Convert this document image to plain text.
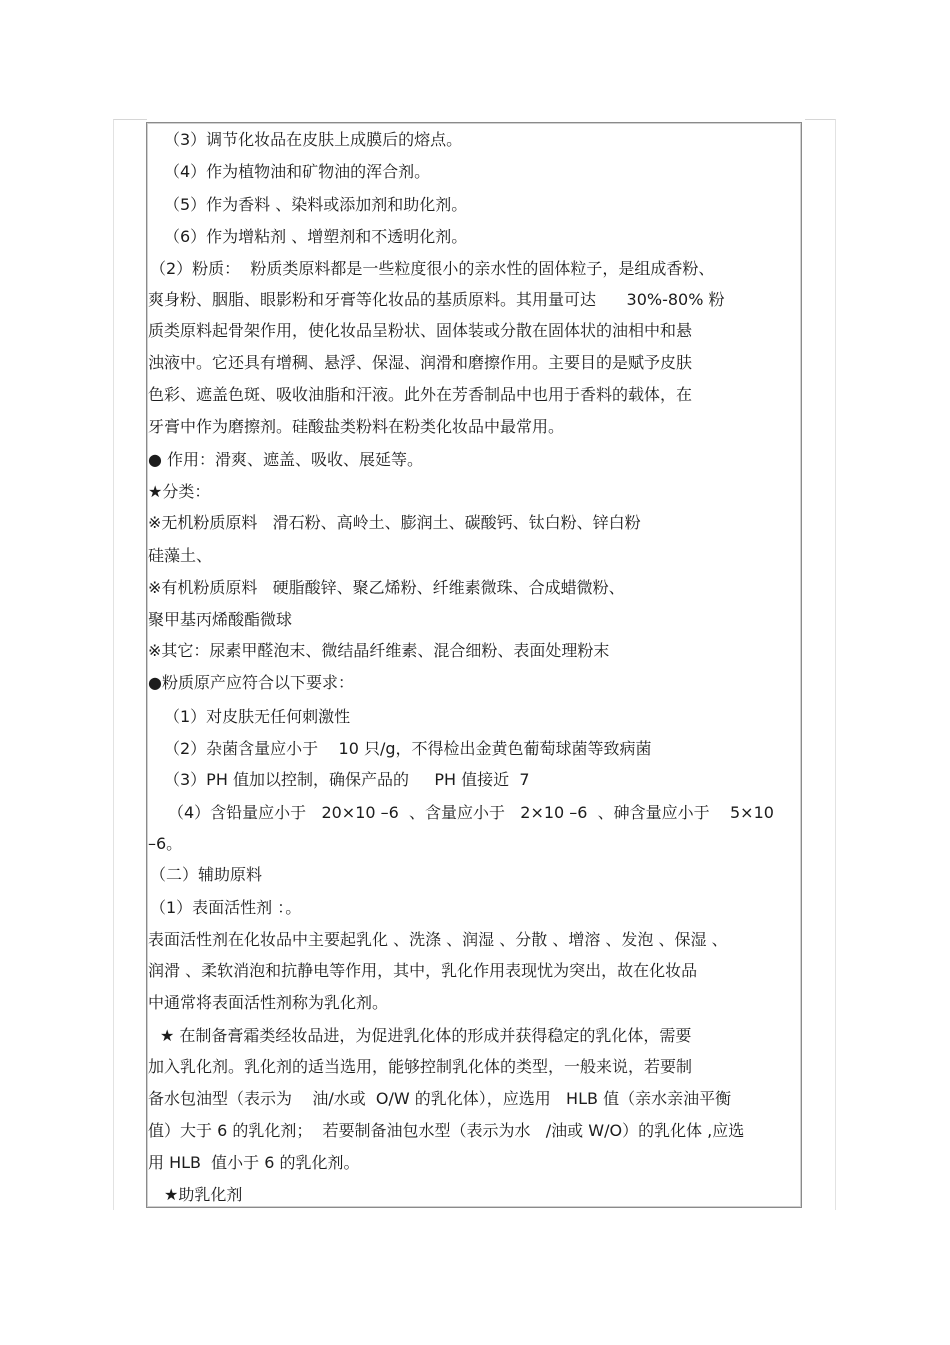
（3）调节化妆品在皮肤上成膜后的熔点。
（4）作为植物油和矿物油的浑合剂。
（5）作为香料 、染料或添加剂和助化剂。
（6）作为增粘剂 、增塑剂和不透明化剂。
（2）粉质：  粉质类原料都是一些粒度很小的亲水性的固体粒子，是组成香粉、
爽身粉、胭脂、眼影粉和牙膏等化妆品的基质原料。其用量可达      30%-80% 粉
质类原料起骨架作用，使化妆品呈粉状、固体装或分散在固体状的油相中和悬
浊液中。它还具有增稠、悬浮、保湿、润滑和磨擦作用。主要目的是赋予皮肤
色彩、遮盖色斑、吸收油脂和汗液。此外在芳香制品中也用于香料的载体，在
牙膏中作为磨擦剂。硅酸盐类粉料在粉类化妆品中最常用。
● 作用：滑爽、遮盖、吸收、展延等。
★分类：
※无机粉质原料   滑石粉、高岭土、膨润土、碳酸钙、钛白粉、锌白粉
硅藻土、
※有机粉质原料   硬脂酸锌、聚乙烯粉、纤维素微珠、合成蜡微粉、
聚甲基丙烯酸酯微球
※其它：尿素甲醛泡末、微结晶纤维素、混合细粉、表面处理粉末
●粉质原产应符合以下要求：
（1）对皮肤无任何刺激性
（2）杂菌含量应小于    10 只/g，不得检出金黄色葡萄球菌等致病菌
（3）PH 值加以控制，确保产品的     PH 值接近  7
（4）含铅量应小于   20×10 –6  、含量应小于   2×10 –6  、砷含量应小于    5×10
–6。
（二）辅助原料
（1）表面活性剂 ：。
表面活性剂在化妆品中主要起乳化 、洗涤 、润湿 、分散 、增溶 、发泡 、保湿 、
润滑 、柔软消泡和抗静电等作用，其中，乳化作用表现忧为突出，故在化妆品
中通常将表面活性剂称为乳化剂。
★ 在制备膏霜类经妆品进，为促进乳化体的形成并获得稳定的乳化体，需要
加入乳化剂。乳化剂的适当选用，能够控制乳化体的类型，一般来说，若要制
备水包油型（表示为    油/水或  O/W 的乳化体），应选用   HLB 值（亲水亲油平衡
值）大于 6 的乳化剂；  若要制备油包水型（表示为水   /油或 W/O）的乳化体 ,应选
用 HLB  值小于 6 的乳化剂。
★助乳化剂
